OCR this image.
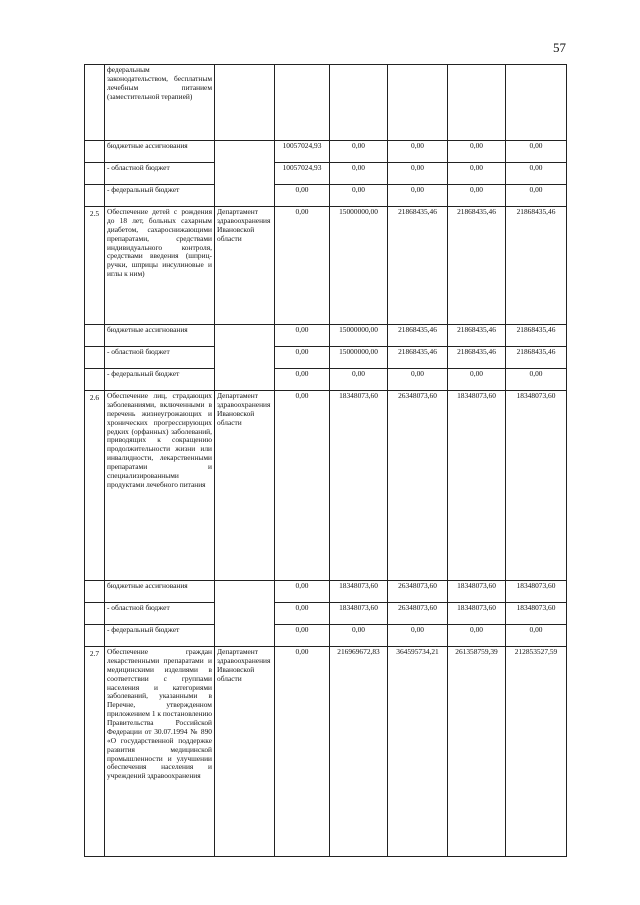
57
	федеральным законодательством, бесплатным лечебным питанием (заместительной терапией)						
	бюджетные ассигнования		10057024,93	0,00	0,00	0,00	0,00
	- областной бюджет		10057024,93	0,00	0,00	0,00	0,00
	- федеральный бюджет		0,00	0,00	0,00	0,00	0,00
2.5	Обеспечение детей с рождения до 18 лет, больных сахарным диабетом, сахароснижающими препаратами, средствами индивидуального контроля, средствами введения (шприц-ручки, шприцы инсулиновые и иглы к ним)	Департамент здравоохранения Ивановской области	0,00	15000000,00	21868435,46	21868435,46	21868435,46
	бюджетные ассигнования		0,00	15000000,00	21868435,46	21868435,46	21868435,46
	- областной бюджет		0,00	15000000,00	21868435,46	21868435,46	21868435,46
	- федеральный бюджет		0,00	0,00	0,00	0,00	0,00
2.6	Обеспечение лиц, страдающих заболеваниями, включенными в перечень жизнеугрожающих и хронических прогрессирующих редких (орфанных) заболеваний, приводящих к сокращению продолжительности жизни или инвалидности, лекарственными препаратами и специализированными продуктами лечебного питания	Департамент здравоохранения Ивановской области	0,00	18348073,60	26348073,60	18348073,60	18348073,60
	бюджетные ассигнования		0,00	18348073,60	26348073,60	18348073,60	18348073,60
	- областной бюджет		0,00	18348073,60	26348073,60	18348073,60	18348073,60
	- федеральный бюджет		0,00	0,00	0,00	0,00	0,00
2.7	Обеспечение граждан лекарственными препаратами и медицинскими изделиями в соответствии с группами населения и категориями заболеваний, указанными в Перечне, утвержденном приложением 1 к постановлению Правительства Российской Федерации от 30.07.1994 № 890 «О государственной поддержке развития медицинской промышленности и улучшении обеспечения населения и учреждений здравоохранения	Департамент здравоохранения Ивановской области	0,00	216969672,83	364595734,21	261358759,39	212853527,59
